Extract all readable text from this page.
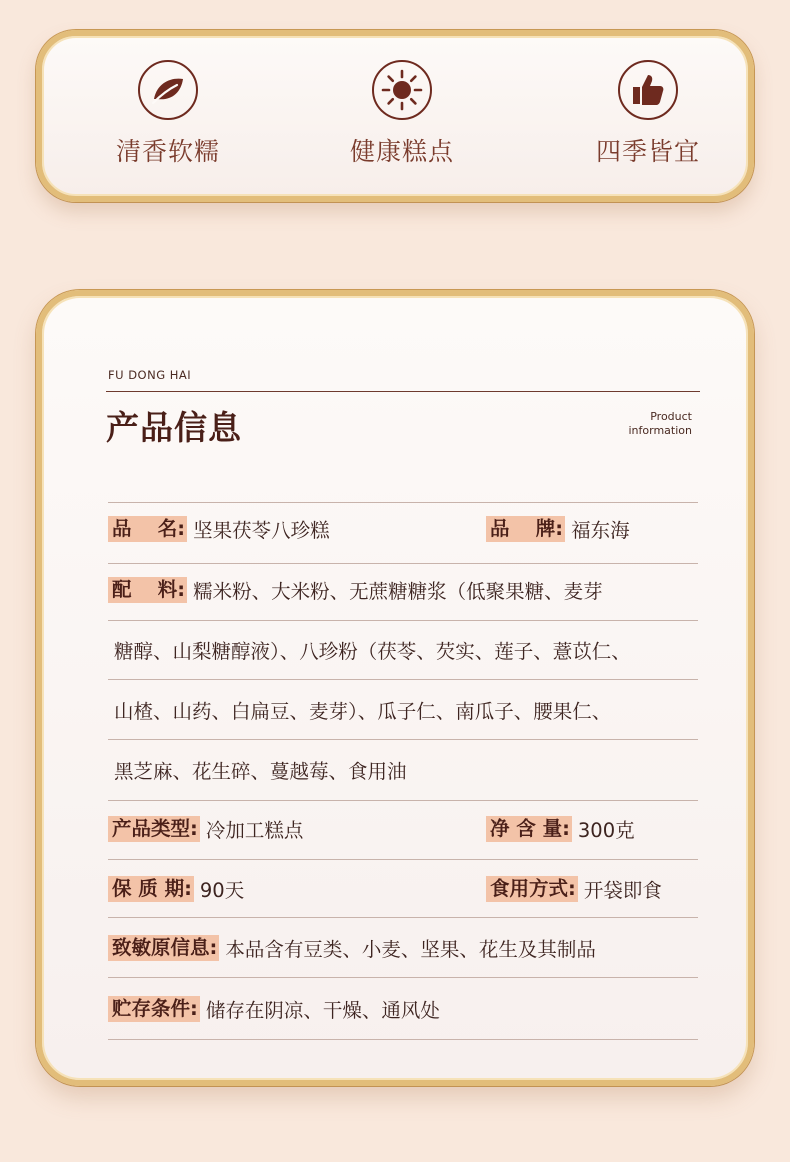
清香软糯	健康糕点	四季皆宜
FU DONG HAI
产品信息	Product
information
品　 名: 坚果茯苓八珍糕	品　 牌: 福东海
配　 料: 糯米粉、大米粉、无蔗糖糖浆（低聚果糖、麦芽
糖醇、山梨糖醇液）、八珍粉（茯苓、芡实、莲子、薏苡仁、
山楂、山药、白扁豆、麦芽）、瓜子仁、南瓜子、腰果仁、
黑芝麻、花生碎、蔓越莓、食用油
产品类型: 冷加工糕点	净 含 量: 300克
保 质 期: 90天	食用方式: 开袋即食
致敏原信息: 本品含有豆类、小麦、坚果、花生及其制品
贮存条件: 储存在阴凉、干燥、通风处
